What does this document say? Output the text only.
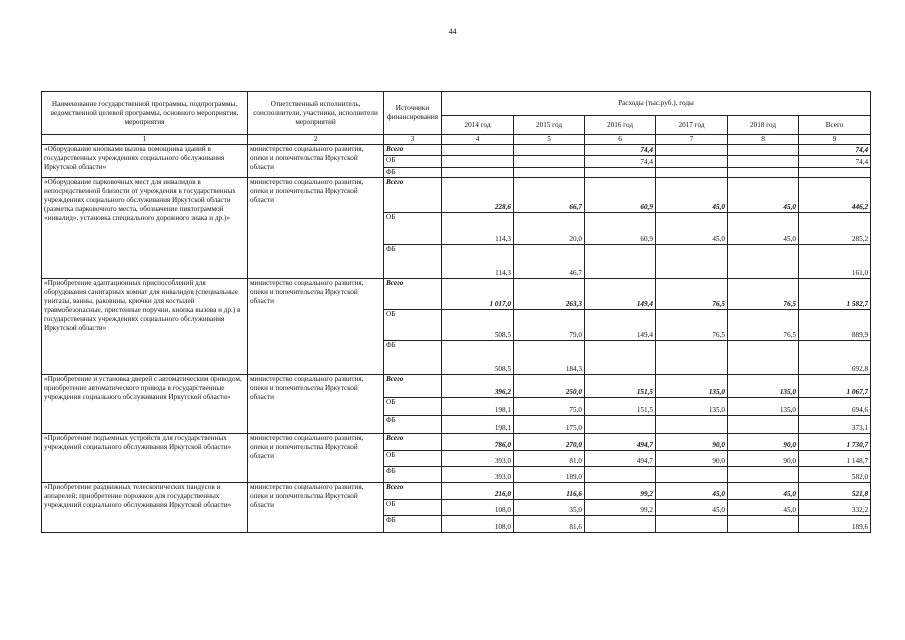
44
Наименование государственной программы, подпрограммы, ведомственной целевой программы, основного мероприятия, мероприятия	Ответственный исполнитель, соисполнители, участники, исполнители мероприятий	Источники финансирования	Расходы (тыс.руб.), годы					
			2014 год	2015 год	2016 год	2017 год	2018 год	Всего
1	2	3	4	5	6	7	8	9
«Оборудование кнопками вызова помощника зданий в государственных учреждениях социального обслуживания Иркутской области»	министерство социального развития, опеки и попечительства Иркутской области	Всего			74,4			74,4
		ОБ			74,4			74,4
		ФБ						
«Оборудование парковочных мест для инвалидов в непосредственной близости от учреждения в государственных учреждениях социального обслуживания Иркутской области (разметка парковочного места, обозначение пиктограммой «инвалид», установка специального дорожного знака и др.)»	министерство социального развития, опеки и попечительства Иркутской области	Всего	228,6	66,7	60,9	45,0	45,0	446,2
		ОБ	114,3	20,0	60,9	45,0	45,0	285,2
		ФБ	114,3	46,7				161,0
«Приобретение адаптационных приспособлений для оборудования санитарных комнат для инвалидов (специальные унитазы, ванны, раковины, крючки для костылей травмобезопасные, пристенные поручни, кнопка вызова и др.) в государственных учреждениях социального обслуживания Иркутской области»	министерство социального развития, опеки и попечительства Иркутской области	Всего	1 017,0	263,3	149,4	76,5	76,5	1 582,7
		ОБ	508,5	79,0	149,4	76,5	76,5	889,9
		ФБ	508,5	184,3				692,8
«Приобретение и установка дверей с автоматическим приводом, приобретение автоматического привода в государственные учреждения социального обслуживания Иркутской области»	министерство социального развития, опеки и попечительства Иркутской области	Всего	396,2	250,0	151,5	135,0	135,0	1 067,7
		ОБ	198,1	75,0	151,5	135,0	135,0	694,6
		ФБ	198,1	175,0				373,1
«Приобретение подъемных устройств для государственных учреждений социального обслуживания Иркутской области»	министерство социального развития, опеки и попечительства Иркутской области	Всего	786,0	270,0	494,7	90,0	90,0	1 730,7
		ОБ	393,0	81,0	494,7	90,0	90,0	1 148,7
		ФБ	393,0	189,0				582,0
«Приобретение раздвижных телескопических пандусов и аппарелей; приобретение порожков для государственных учреждений социального обслуживания Иркутской области»	министерство социального развития, опеки и попечительства Иркутской области	Всего	216,0	116,6	99,2	45,0	45,0	521,8
		ОБ	108,0	35,0	99,2	45,0	45,0	332,2
		ФБ	108,0	81,6				189,6
